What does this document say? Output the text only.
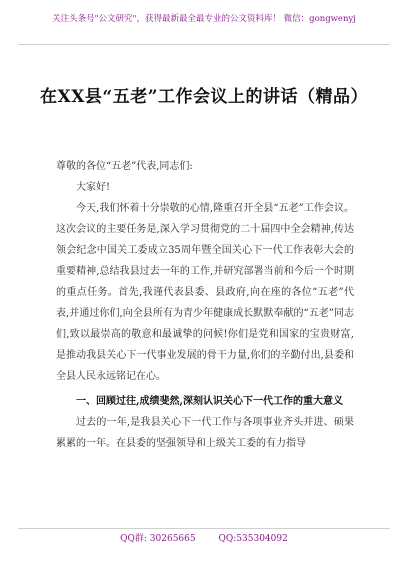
关注头条号"公文研究"，获得最新最全最专业的公文资料库！ 微信：gongwenyj
在XX县“五老”工作会议上的讲话（精品）

尊敬的各位“五老”代表,同志们:

大家好!

今天,我们怀着十分崇敬的心情,隆重召开全县“五老”工作会议。这次会议的主要任务是,深入学习贯彻党的二十届四中全会精神,传达领会纪念中国关工委成立35周年暨全国关心下一代工作表彰大会的重要精神,总结我县过去一年的工作,并研究部署当前和今后一个时期的重点任务。首先,我谨代表县委、县政府,向在座的各位“五老”代表,并通过你们,向全县所有为青少年健康成长默默奉献的“五老”同志们,致以最崇高的敬意和最诚挚的问候!你们是党和国家的宝贵财富,是推动我县关心下一代事业发展的骨干力量,你们的辛勤付出,县委和全县人民永远铭记在心。

一、回顾过往,成绩斐然,深刻认识关心下一代工作的重大意义

过去的一年,是我县关心下一代工作与各项事业齐头并进、硕果累累的一年。在县委的坚强领导和上级关工委的有力指导

QQ群: 30265665	QQ:535304092
